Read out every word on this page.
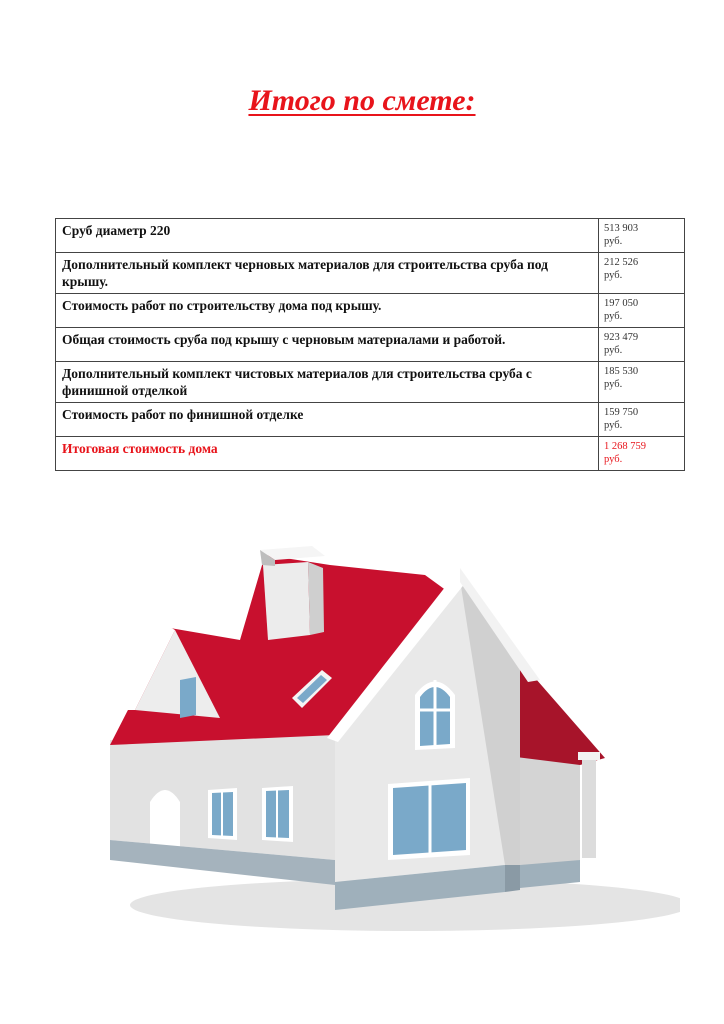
Итого по смете:
Сруб диаметр 220	513 903
руб.
Дополнительный комплект черновых материалов для строительства сруба под крышу.	212 526
руб.
Стоимость работ по строительству дома под крышу.	197 050
руб.
Общая стоимость сруба под крышу с черновым материалами и работой.	923 479
руб.
Дополнительный комплект чистовых материалов для строительства сруба с финишной отделкой	185 530
руб.
Стоимость работ по финишной отделке	159 750
руб.
Итоговая стоимость дома	1 268 759
руб.
